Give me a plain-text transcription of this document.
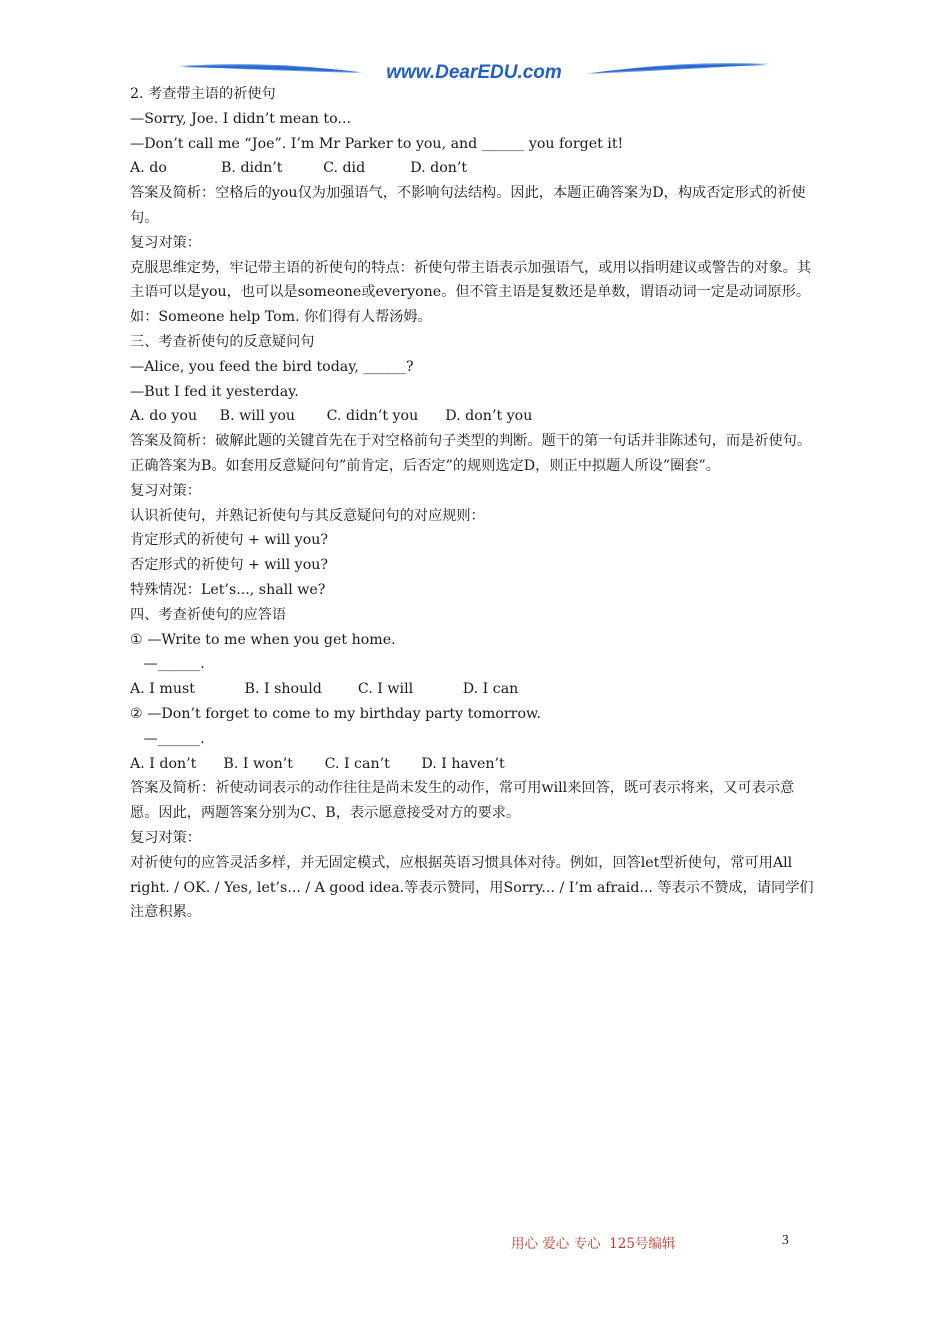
www.DearEDU.com
2. 考查带主语的祈使句
—Sorry, Joe. I didn’t mean to...
—Don’t call me “Joe”. I’m Mr Parker to you, and ______ you forget it!
A. do            B. didn’t         C. did          D. don’t
答案及简析：空格后的you仅为加强语气，不影响句法结构。因此，本题正确答案为D，构成否定形式的祈使句。
复习对策：
克服思维定势，牢记带主语的祈使句的特点：祈使句带主语表示加强语气，或用以指明建议或警告的对象。其主语可以是you，也可以是someone或everyone。但不管主语是复数还是单数，谓语动词一定是动词原形。如：Someone help Tom. 你们得有人帮汤姆。
三、考查祈使句的反意疑问句
—Alice, you feed the bird today, ______?
—But I fed it yesterday.
A. do you     B. will you       C. didn’t you      D. don’t you
答案及简析：破解此题的关键首先在于对空格前句子类型的判断。题干的第一句话并非陈述句，而是祈使句。正确答案为B。如套用反意疑问句”前肯定，后否定”的规则选定D，则正中拟题人所设”圈套”。
复习对策：
认识祈使句，并熟记祈使句与其反意疑问句的对应规则：
肯定形式的祈使句 + will you?
否定形式的祈使句 + will you?
特殊情况：Let’s..., shall we?
四、考查祈使句的应答语
① —Write to me when you get home.
—______.
A. I must           B. I should        C. I will           D. I can
② —Don’t forget to come to my birthday party tomorrow.
—______.
A. I don’t      B. I won’t       C. I can’t       D. I haven’t
答案及简析：祈使动词表示的动作往往是尚未发生的动作，常可用will来回答，既可表示将来，又可表示意愿。因此，两题答案分别为C、B，表示愿意接受对方的要求。
复习对策：
对祈使句的应答灵活多样，并无固定模式，应根据英语习惯具体对待。例如，回答let型祈使句，常可用All right. / OK. / Yes, let’s... / A good idea.等表示赞同，用Sorry... / I’m afraid... 等表示不赞成，请同学们注意积累。
用心 爱心 专心  125号编辑	3
